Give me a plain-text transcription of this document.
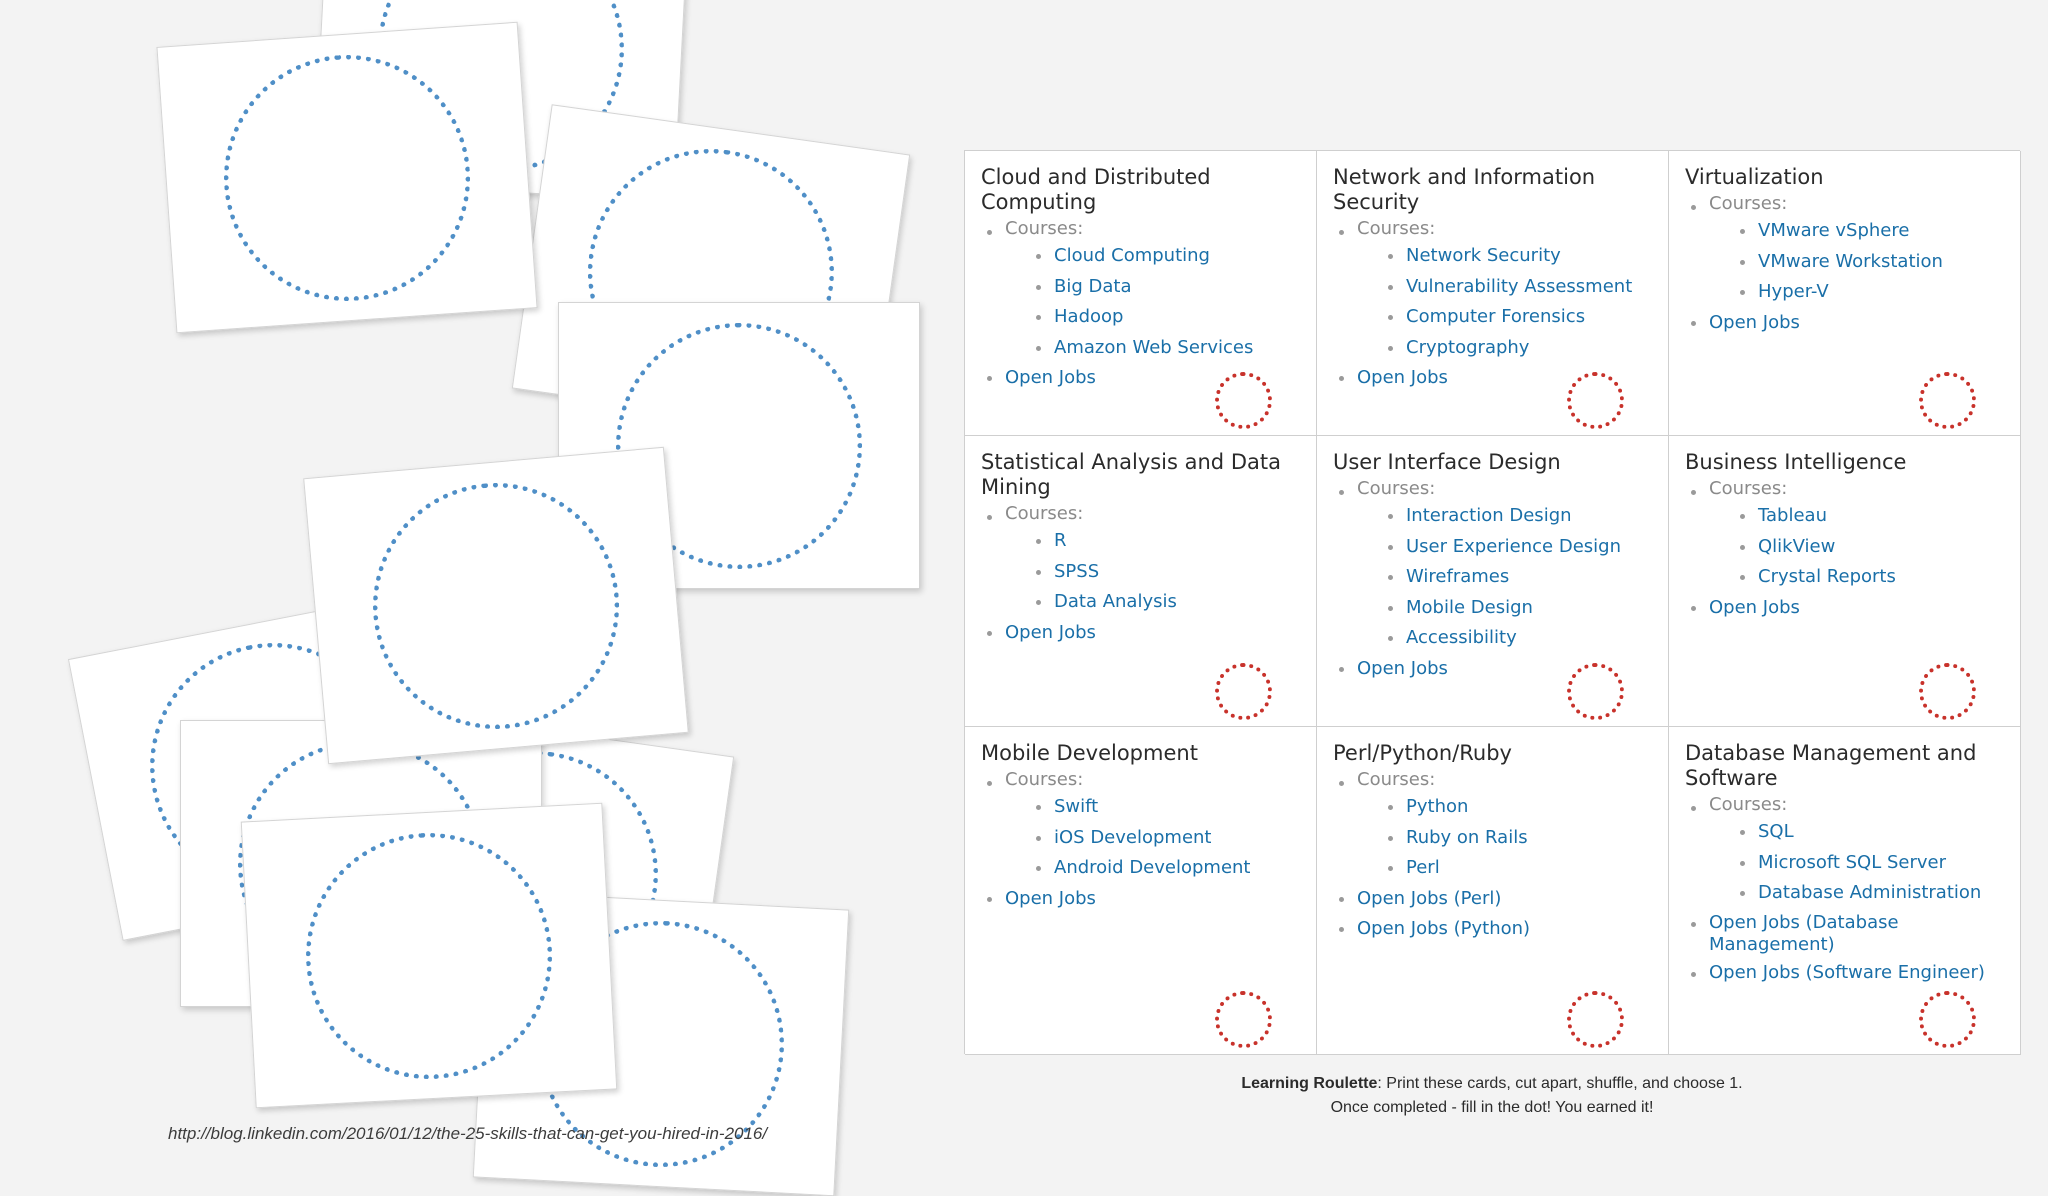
http://blog.linkedin.com/2016/01/12/the-25-skills-that-can-get-you-hired-in-2016/
Cloud and Distributed Computing
Courses:
Cloud Computing
Big Data
Hadoop
Amazon Web Services
Open Jobs
Network and Information Security
Courses:
Network Security
Vulnerability Assessment
Computer Forensics
Cryptography
Open Jobs
Virtualization
Courses:
VMware vSphere
VMware Workstation
Hyper-V
Open Jobs
Statistical Analysis and Data Mining
Courses:
R
SPSS
Data Analysis
Open Jobs
User Interface Design
Courses:
Interaction Design
User Experience Design
Wireframes
Mobile Design
Accessibility
Open Jobs
Business Intelligence
Courses:
Tableau
QlikView
Crystal Reports
Open Jobs
Mobile Development
Courses:
Swift
iOS Development
Android Development
Open Jobs
Perl/Python/Ruby
Courses:
Python
Ruby on Rails
Perl
Open Jobs (Perl)
Open Jobs (Python)
Database Management and Software
Courses:
SQL
Microsoft SQL Server
Database Administration
Open Jobs (Database Management)
Open Jobs (Software Engineer)
Learning Roulette: Print these cards, cut apart, shuffle, and choose 1.
Once completed - fill in the dot! You earned it!
